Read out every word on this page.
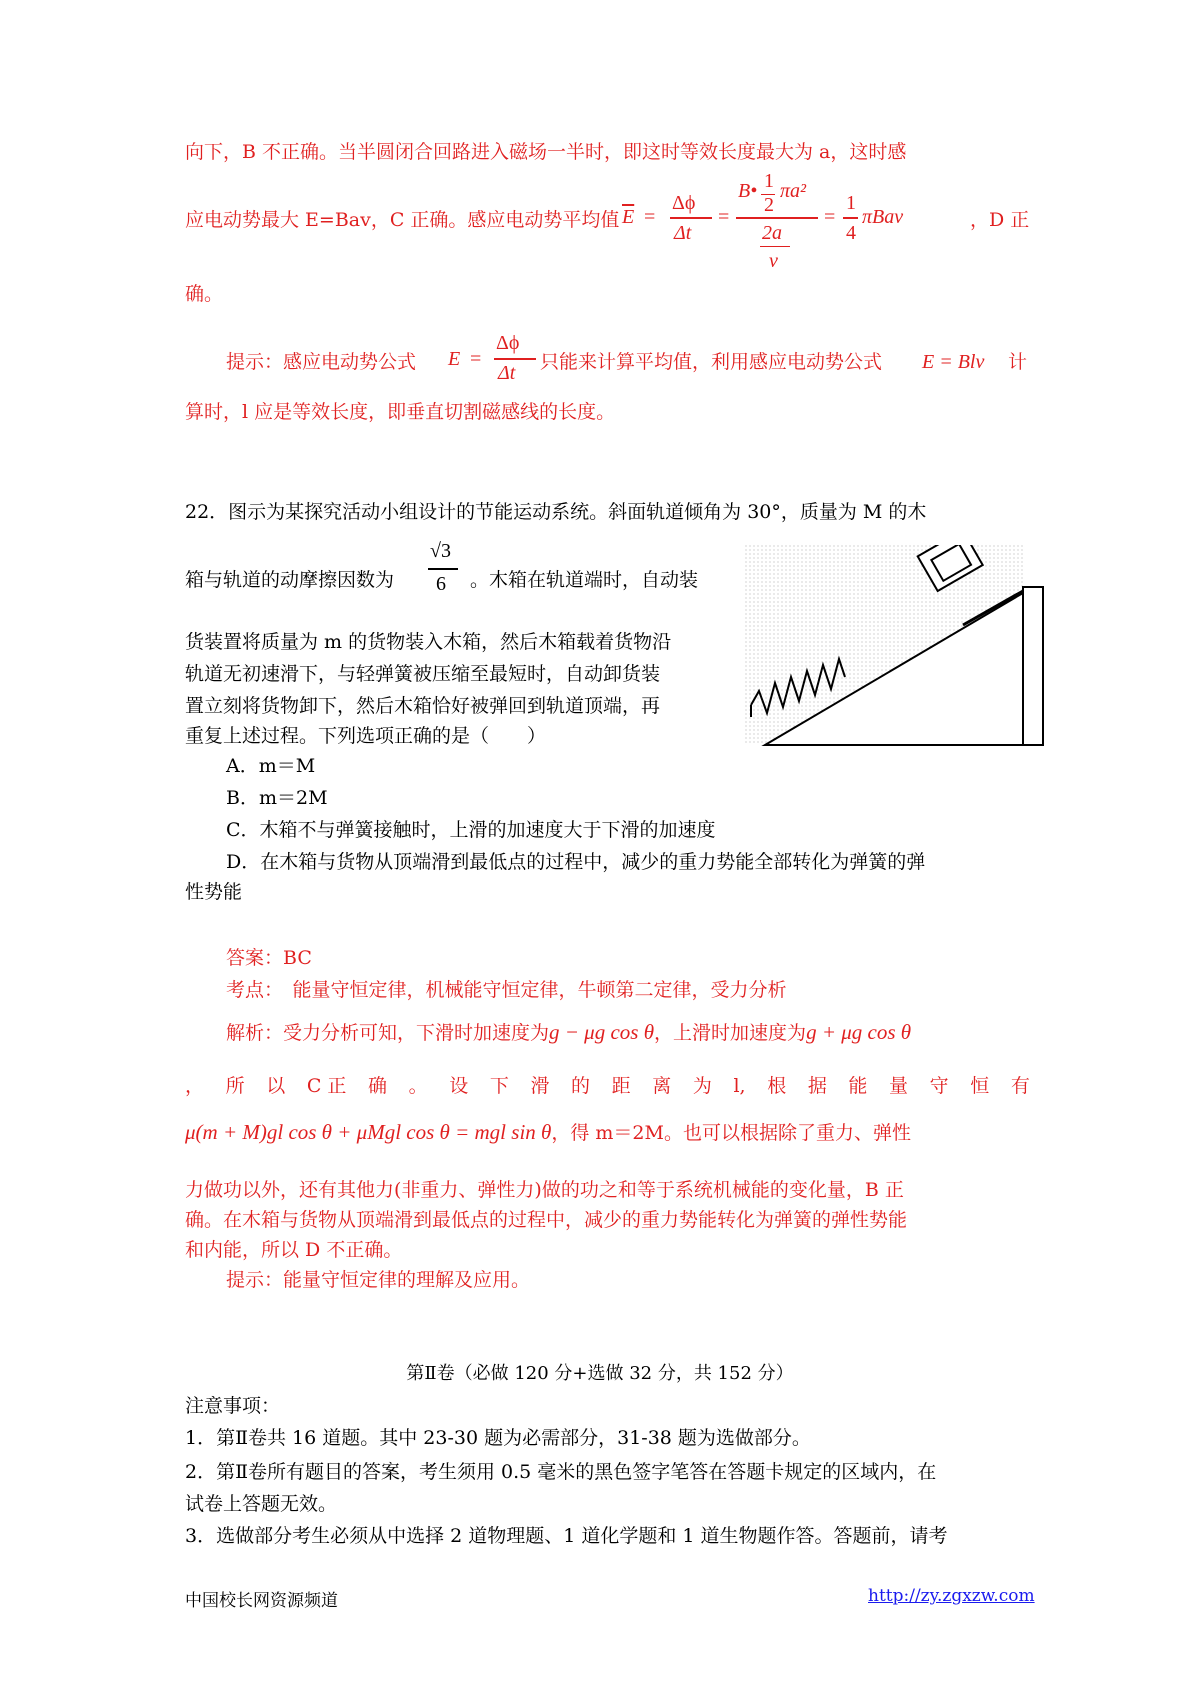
向下，B 不正确。当半圆闭合回路进入磁场一半时，即这时等效长度最大为 a，这时感
应电动势最大 E=Bav，C 正确。感应电动势平均值 $\overline{E}$ =
Δϕ
Δt
=
B• 1
2
πa²
2a
v
=
1
4
πBav	，D 正
确。
提示：感应电动势公式	E =
Δϕ
Δt 只能来计算平均值，利用感应电动势公式 E = Blv 计
算时，l 应是等效长度，即垂直切割磁感线的长度。
22．图示为某探究活动小组设计的节能运动系统。斜面轨道倾角为 30°，质量为 M 的木
箱与轨道的动摩擦因数为
√3
6 。木箱在轨道端时，自动装
货装置将质量为 m 的货物装入木箱，然后木箱载着货物沿
轨道无初速滑下，与轻弹簧被压缩至最短时，自动卸货装
置立刻将货物卸下，然后木箱恰好被弹回到轨道顶端，再
重复上述过程。下列选项正确的是（　　）
A．m＝M
B．m＝2M
C．木箱不与弹簧接触时，上滑的加速度大于下滑的加速度
D．在木箱与货物从顶端滑到最低点的过程中，减少的重力势能全部转化为弹簧的弹
性势能
答案：BC
考点：　能量守恒定律，机械能守恒定律，牛顿第二定律，受力分析
解析：受力分析可知，下滑时加速度为g − μg cos θ，上滑时加速度为g + μg cos θ
， 所 以 C 正 确 。 设 下 滑 的 距 离 为 l, 根 据 能 量 守 恒 有
μ(m + M)gl cos θ + μMgl cos θ = mgl sin θ，得 m＝2M。也可以根据除了重力、弹性
力做功以外，还有其他力(非重力、弹性力)做的功之和等于系统机械能的变化量，B 正
确。在木箱与货物从顶端滑到最低点的过程中，减少的重力势能转化为弹簧的弹性势能
和内能，所以 D 不正确。
提示：能量守恒定律的理解及应用。
第Ⅱ卷（必做 120 分+选做 32 分，共 152 分）
注意事项：
1．第Ⅱ卷共 16 道题。其中 23-30 题为必需部分，31-38 题为选做部分。
2．第Ⅱ卷所有题目的答案，考生须用 0.5 毫米的黑色签字笔答在答题卡规定的区域内，在
试卷上答题无效。
3．选做部分考生必须从中选择 2 道物理题、1 道化学题和 1 道生物题作答。答题前，请考
中国校长网资源频道	http://zy.zgxzw.com
